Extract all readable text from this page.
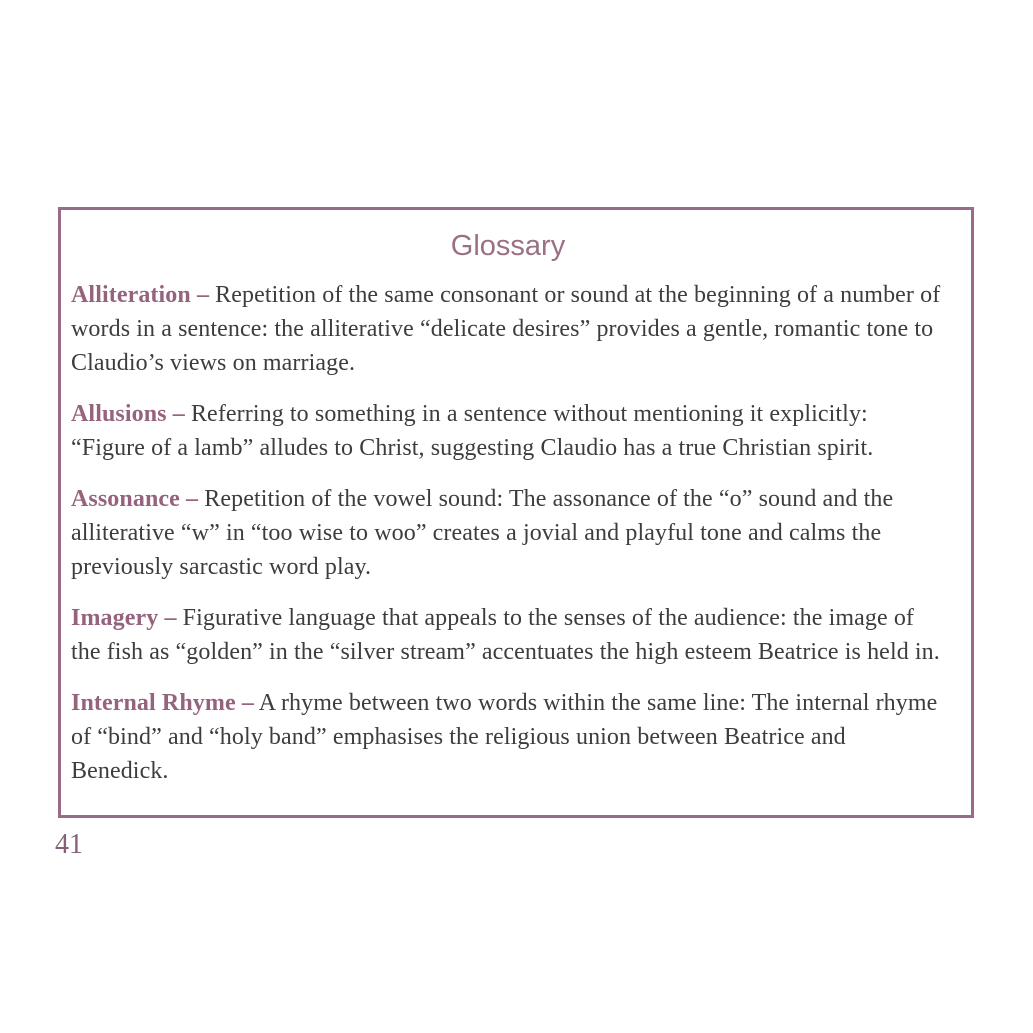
Glossary

Alliteration – Repetition of the same consonant or sound at the beginning of a number of words in a sentence: the alliterative “delicate desires” provides a gentle, romantic tone to Claudio’s views on marriage.

Allusions – Referring to something in a sentence without mentioning it explicitly: “Figure of a lamb” alludes to Christ, suggesting Claudio has a true Christian spirit.

Assonance – Repetition of the vowel sound: The assonance of the “o” sound and the alliterative “w” in “too wise to woo” creates a jovial and playful tone and calms the previously sarcastic word play.

Imagery – Figurative language that appeals to the senses of the audience: the image of the fish as “golden” in the “silver stream” accentuates the high esteem Beatrice is held in.

Internal Rhyme – A rhyme between two words within the same line: The internal rhyme of “bind” and “holy band” emphasises the religious union between Beatrice and Benedick.

41
